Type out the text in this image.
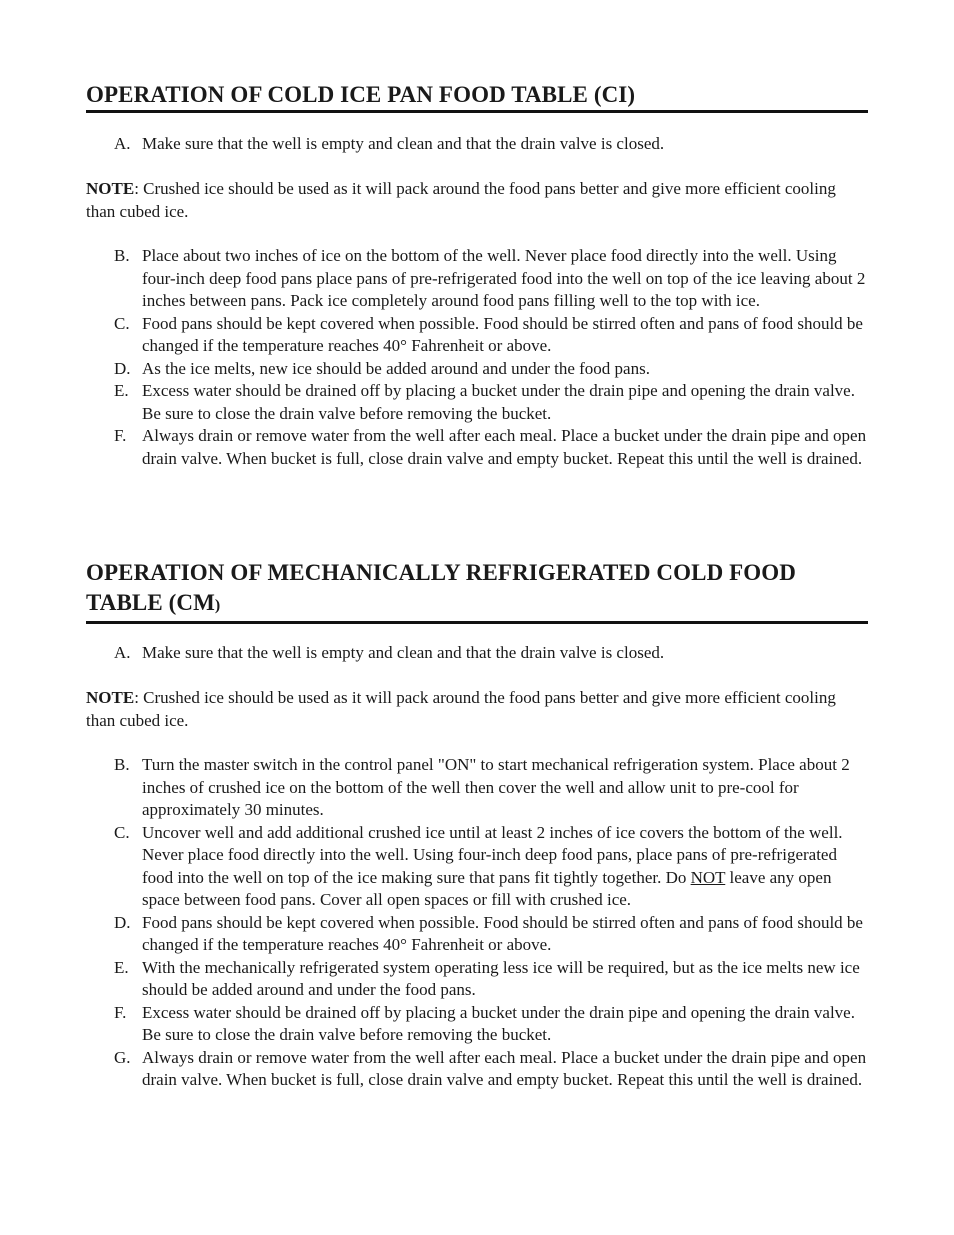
OPERATION OF COLD ICE PAN FOOD TABLE (CI)
A. Make sure that the well is empty and clean and that the drain valve is closed.

NOTE: Crushed ice should be used as it will pack around the food pans better and give more efficient cooling than cubed ice.

B. Place about two inches of ice on the bottom of the well. Never place food directly into the well. Using four-inch deep food pans place pans of pre-refrigerated food into the well on top of the ice leaving about 2 inches between pans. Pack ice completely around food pans filling well to the top with ice.
C. Food pans should be kept covered when possible. Food should be stirred often and pans of food should be changed if the temperature reaches 40° Fahrenheit or above.
D. As the ice melts, new ice should be added around and under the food pans.
E. Excess water should be drained off by placing a bucket under the drain pipe and opening the drain valve. Be sure to close the drain valve before removing the bucket.
F. Always drain or remove water from the well after each meal. Place a bucket under the drain pipe and open drain valve. When bucket is full, close drain valve and empty bucket. Repeat this until the well is drained.
OPERATION OF MECHANICALLY REFRIGERATED COLD FOOD TABLE (CM)
A. Make sure that the well is empty and clean and that the drain valve is closed.

NOTE: Crushed ice should be used as it will pack around the food pans better and give more efficient cooling than cubed ice.

B. Turn the master switch in the control panel "ON" to start mechanical refrigeration system. Place about 2 inches of crushed ice on the bottom of the well then cover the well and allow unit to pre-cool for approximately 30 minutes.
C. Uncover well and add additional crushed ice until at least 2 inches of ice covers the bottom of the well. Never place food directly into the well. Using four-inch deep food pans, place pans of pre-refrigerated food into the well on top of the ice making sure that pans fit tightly together. Do NOT leave any open space between food pans. Cover all open spaces or fill with crushed ice.
D. Food pans should be kept covered when possible. Food should be stirred often and pans of food should be changed if the temperature reaches 40° Fahrenheit or above.
E. With the mechanically refrigerated system operating less ice will be required, but as the ice melts new ice should be added around and under the food pans.
F. Excess water should be drained off by placing a bucket under the drain pipe and opening the drain valve. Be sure to close the drain valve before removing the bucket.
G. Always drain or remove water from the well after each meal. Place a bucket under the drain pipe and open drain valve. When bucket is full, close drain valve and empty bucket. Repeat this until the well is drained.
